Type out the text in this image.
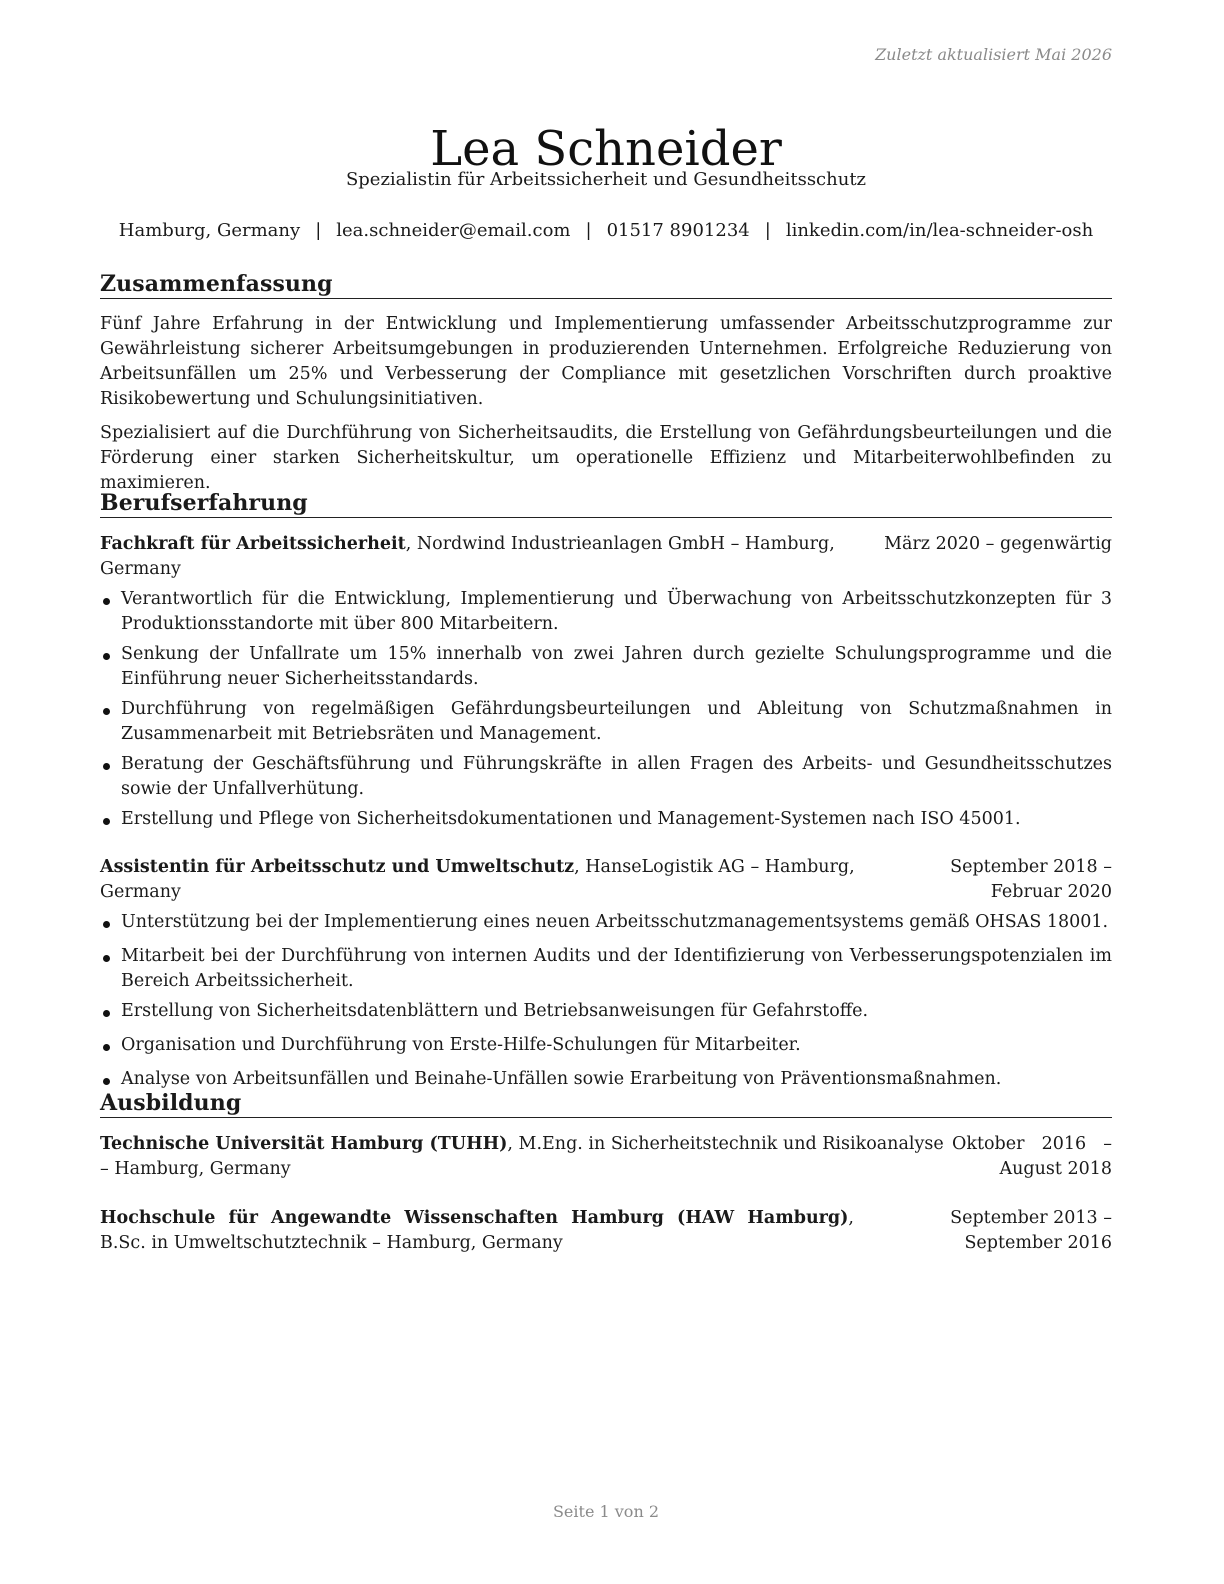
Zuletzt aktualisiert Mai 2026
Lea Schneider
Spezialistin für Arbeitssicherheit und Gesundheitsschutz
Hamburg, Germany | lea.schneider@email.com | 01517 8901234 | linkedin.com/in/lea-schneider-osh
Zusammenfassung

Fünf Jahre Erfahrung in der Entwicklung und Implementierung umfassender Arbeitsschutzprogramme zur Gewährleistung sicherer Arbeitsumgebungen in produzierenden Unternehmen. Erfolgreiche Reduzierung von Arbeitsunfällen um 25% und Verbesserung der Compliance mit gesetzlichen Vorschriften durch proaktive Risikobewertung und Schulungsinitiativen.

Spezialisiert auf die Durchführung von Sicherheitsaudits, die Erstellung von Gefährdungsbeurteilungen und die Förderung einer starken Sicherheitskultur, um operationelle Effizienz und Mitarbeiterwohlbefinden zu maximieren.

Berufserfahrung
Fachkraft für Arbeitssicherheit, Nordwind Industrieanlagen GmbH – Hamburg, Germany
März 2020 – gegenwärtig
Verantwortlich für die Entwicklung, Implementierung und Überwachung von Arbeitsschutzkonzepten für 3 Produktionsstandorte mit über 800 Mitarbeitern.
Senkung der Unfallrate um 15% innerhalb von zwei Jahren durch gezielte Schulungsprogramme und die Einführung neuer Sicherheitsstandards.
Durchführung von regelmäßigen Gefährdungsbeurteilungen und Ableitung von Schutzmaßnahmen in Zusammenarbeit mit Betriebsräten und Management.
Beratung der Geschäftsführung und Führungskräfte in allen Fragen des Arbeits- und Gesundheitsschutzes sowie der Unfallverhütung.
Erstellung und Pflege von Sicherheitsdokumentationen und Management-Systemen nach ISO 45001.
Assistentin für Arbeitsschutz und Umweltschutz, HanseLogistik AG – Hamburg, Germany
September 2018 – Februar 2020
Unterstützung bei der Implementierung eines neuen Arbeitsschutzmanagementsystems gemäß OHSAS 18001.
Mitarbeit bei der Durchführung von internen Audits und der Identifizierung von Verbesserungspotenzialen im Bereich Arbeitssicherheit.
Erstellung von Sicherheitsdatenblättern und Betriebsanweisungen für Gefahrstoffe.
Organisation und Durchführung von Erste-Hilfe-Schulungen für Mitarbeiter.
Analyse von Arbeitsunfällen und Beinahe-Unfällen sowie Erarbeitung von Präventionsmaßnahmen.
Ausbildung
Technische Universität Hamburg (TUHH), M.Eng. in Sicherheitstechnik und Risikoanalyse – Hamburg, Germany
Oktober 2016 – August 2018
Hochschule für Angewandte Wissenschaften Hamburg (HAW Hamburg), B.Sc. in Umweltschutztechnik – Hamburg, Germany
September 2013 – September 2016
Seite 1 von 2
